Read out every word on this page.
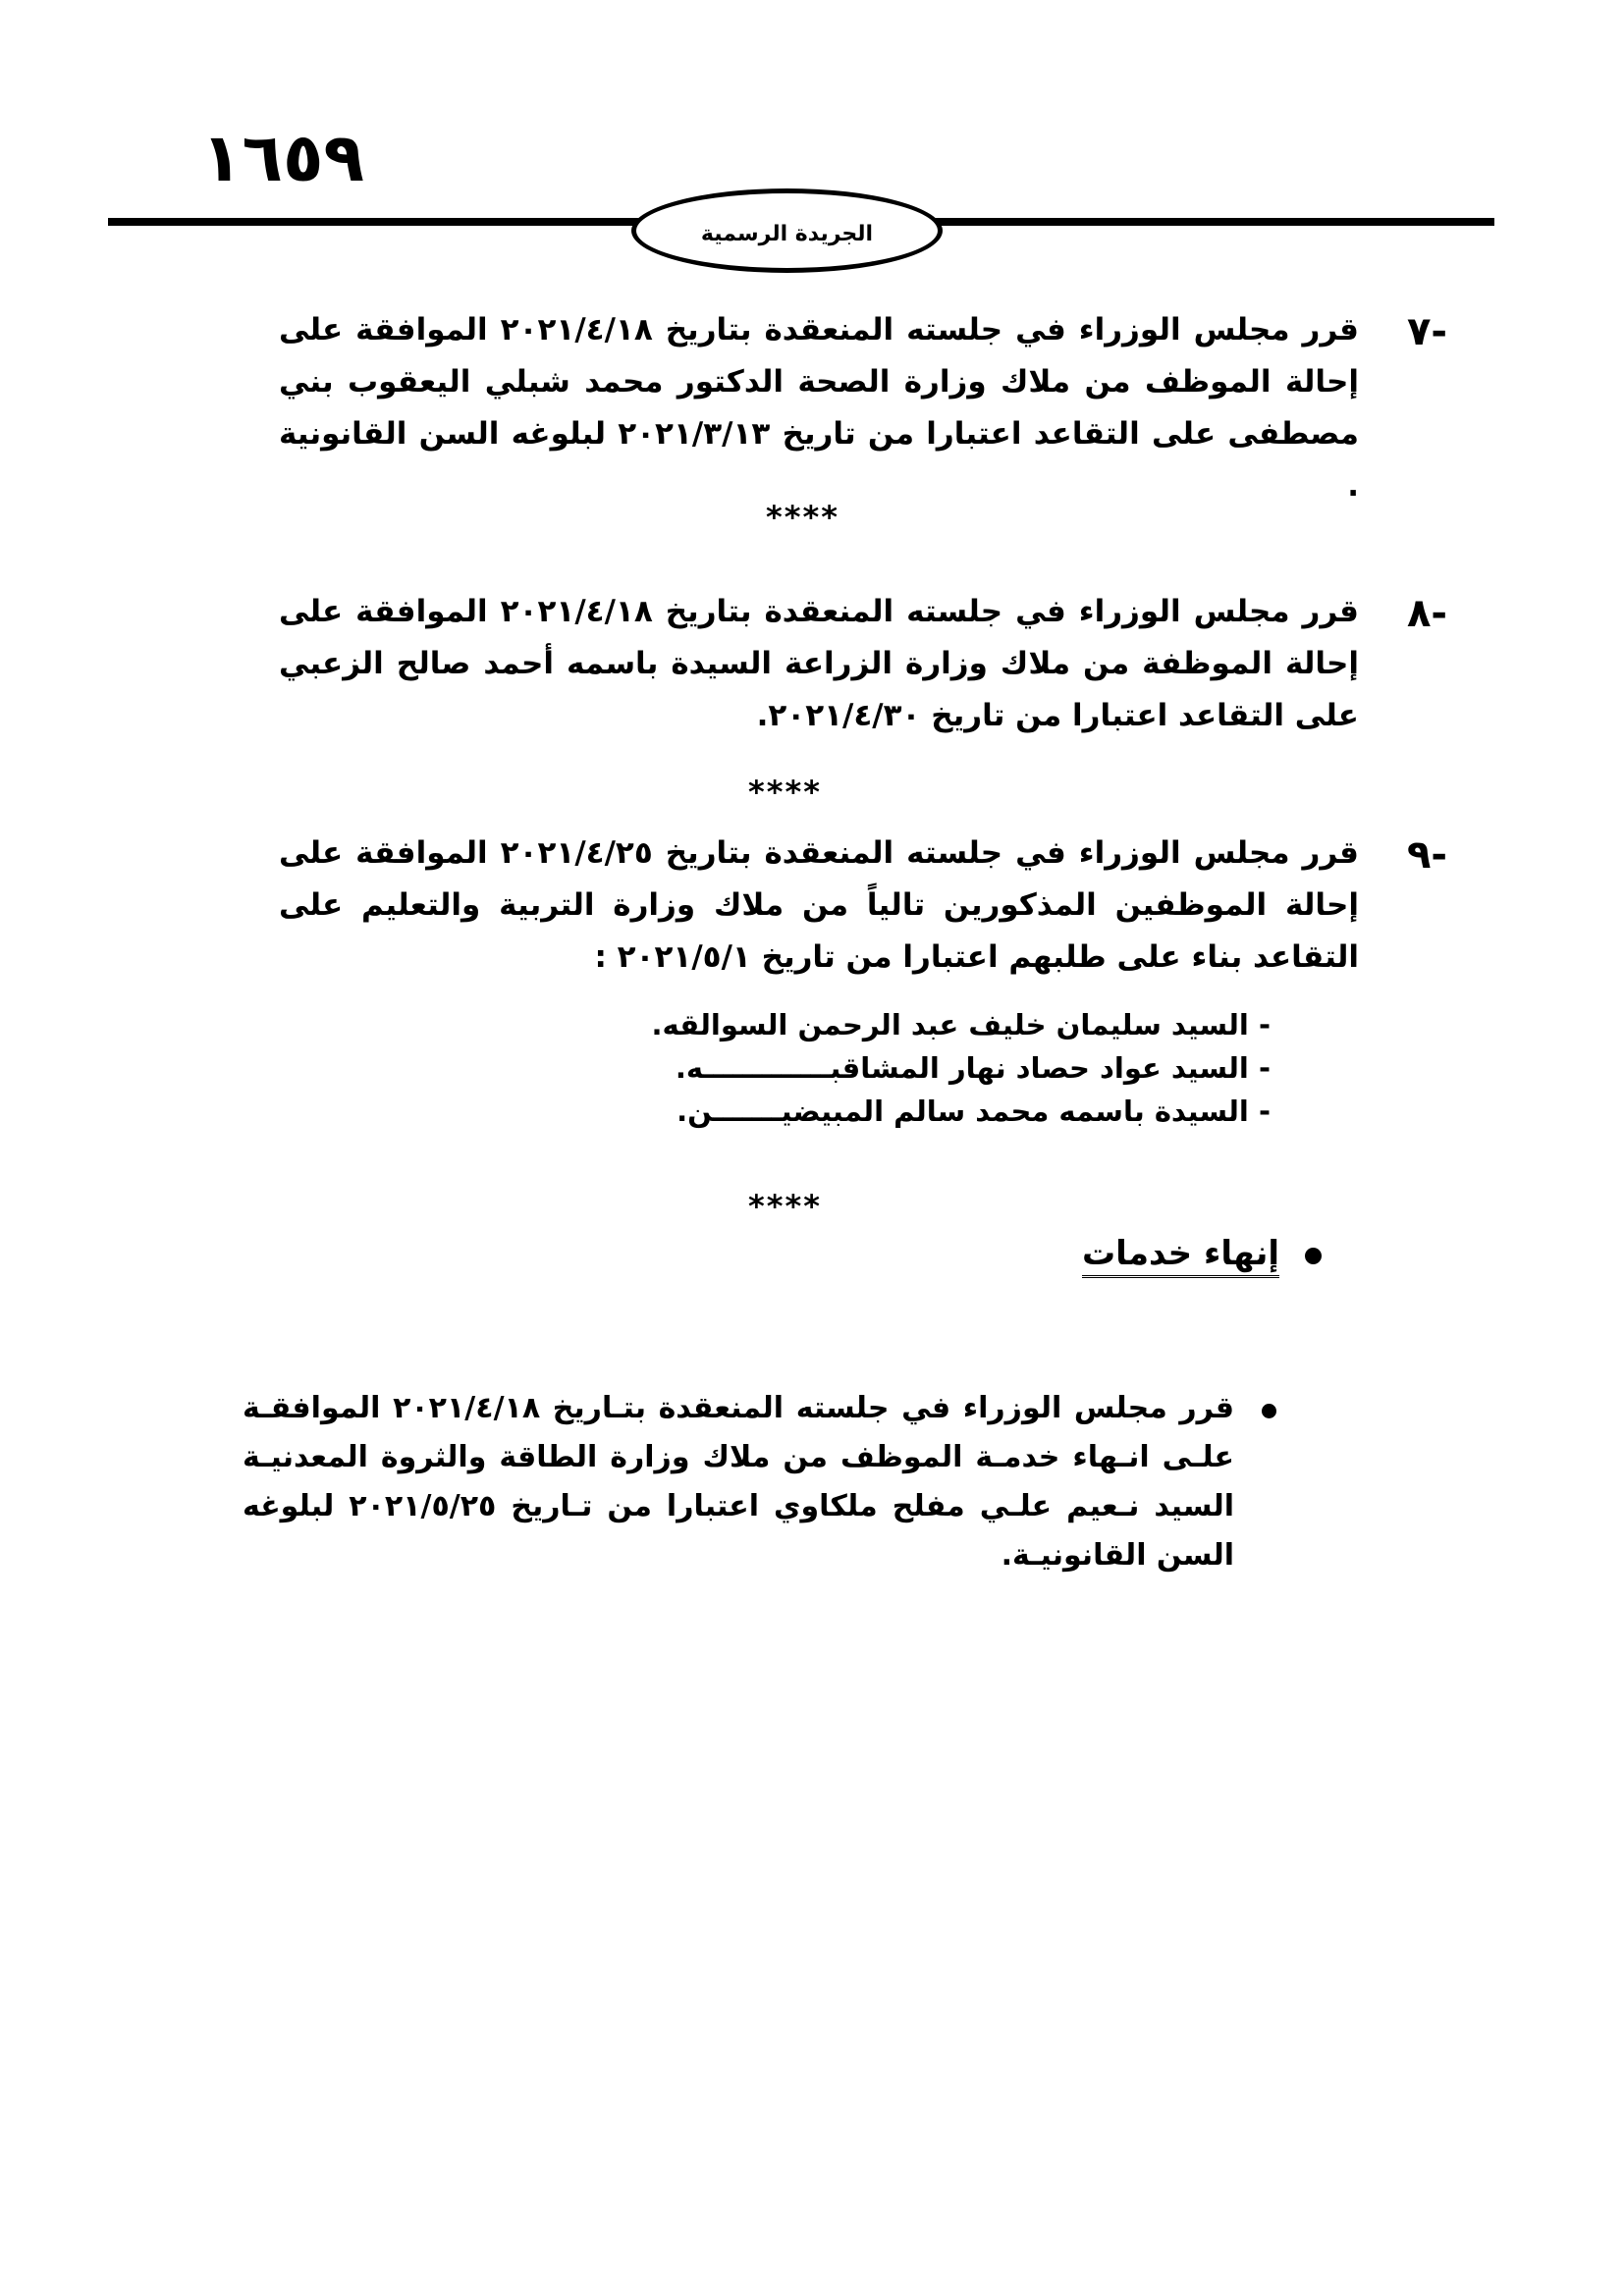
١٦٥٩
الجريدة الرسمية
-٧

قرر مجلس الوزراء في جلسته المنعقدة بتاريخ ٢٠٢١/٤/١٨ الموافقة على إحالة الموظف من ملاك وزارة الصحة الدكتور محمد شبلي اليعقوب بني مصطفى على التقاعد اعتبارا من تاريخ ٢٠٢١/٣/١٣ لبلوغه السن القانونية .

****
-٨

قرر مجلس الوزراء في جلسته المنعقدة بتاريخ ٢٠٢١/٤/١٨ الموافقة على إحالة الموظفة من ملاك وزارة الزراعة السيدة باسمه أحمد صالح الزعبي على التقاعد اعتبارا من تاريخ ٢٠٢١/٤/٣٠.

****
-٩

قرر مجلس الوزراء في جلسته المنعقدة بتاريخ ٢٠٢١/٤/٢٥ الموافقة على إحالة الموظفين المذكورين تالياً من ملاك وزارة التربية والتعليم على التقاعد بناء على طلبهم اعتبارا من تاريخ ٢٠٢١/٥/١ :

- السيد سليمان خليف عبد الرحمن السوالقه.
- السيد عواد حصاد نهار المشاقبـــــــــــــه.
- السيدة باسمه محمد سالم المبيضيـــــــن.
****
إنهاء خدمات

قرر مجلس الوزراء في جلسته المنعقدة بتـاريخ ٢٠٢١/٤/١٨ الموافقـة علـى انـهاء خدمـة الموظف من ملاك وزارة الطاقة والثروة المعدنيـة السيد نـعيم علـي مفلح ملكاوي اعتبارا من تـاريخ ٢٠٢١/٥/٢٥ لبلوغه السن القانونيـة.
